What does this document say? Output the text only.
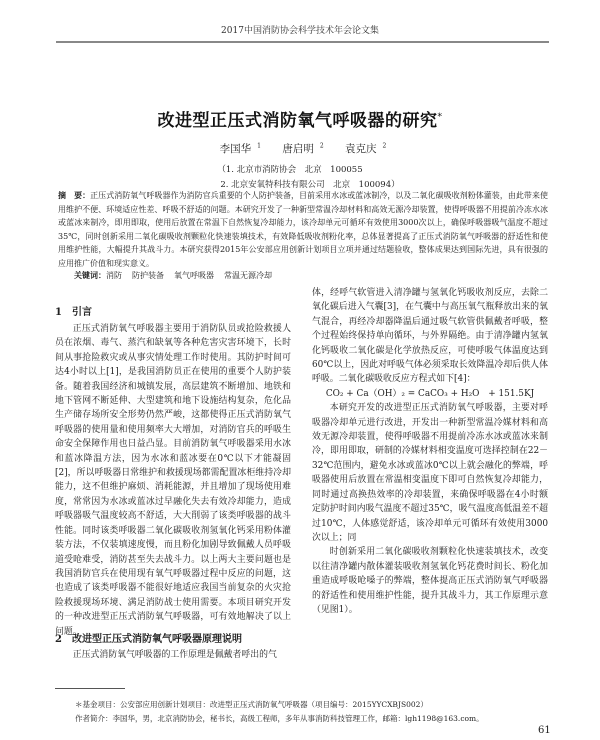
2017中国消防协会科学技术年会论文集
改进型正压式消防氧气呼吸器的研究*
李国华 $^1$ 唐启明 $^2$ 袁克庆 $^2$
（1. 北京市消防协会　北京　100055
2. 北京安氧特科技有限公司　北京　100094）
摘　要：正压式消防氧气呼吸器作为消防官兵重要的个人防护装备，目前采用水冰或蓝冰制冷，以及二氧化碳吸收剂粉体灌装，由此带来使用维护不便、环境适应性差、呼吸不舒适的问题。本研究开发了一种新型常温冷却材料和高效无源冷却装置，使得呼吸器不用提前冷冻水冰或蓝冰来制冷，即用即取，使用后放置在常温下自然恢复冷却能力，该冷却单元可循环有效使用3000次以上，确保呼吸器吸气温度不超过35℃，同时创新采用二氧化碳吸收剂颗粒化快速装填技术，有效降低吸收剂粉化率，总体显著提高了正压式消防氧气呼吸器的舒适性和使用维护性能，大幅提升其战斗力。本研究获得2015年公安部应用创新计划项目立项并通过结题验收，整体成果达到国际先进，具有很强的应用推广价值和现实意义。
关键词：消防 防护装备 氧气呼吸器 常温无源冷却
1　引言

正压式消防氧气呼吸器主要用于消防队员或抢险救援人员在浓烟、毒气、蒸汽和缺氧等各种危害灾害环境下，长时间从事抢险救灾或从事灾情处理工作时使用。其防护时间可达4小时以上[1]，是我国消防员正在使用的重要个人防护装备。随着我国经济和城镇发展，高层建筑不断增加、地铁和地下管网不断延伸、大型建筑和地下设施结构复杂，危化品生产储存场所安全形势仍然严峻，这都使得正压式消防氧气呼吸器的使用量和使用频率大大增加，对消防官兵的呼吸生命安全保障作用也日益凸显。目前消防氧气呼吸器采用水冰和蓝冰降温方法，因为水冰和蓝冰要在0℃以下才能凝固[2]，所以呼吸器日常维护和救援现场都需配置冰柜维持冷却能力，这不但维护麻烦、消耗能源，并且增加了现场使用难度，常常因为水冰或蓝冰过早融化失去有效冷却能力，造成呼吸器吸气温度较高不舒适，大大削弱了该类呼吸器的战斗性能。同时该类呼吸器二氧化碳吸收剂氢氧化钙采用粉体灌装方法，不仅装填速度慢，而且粉化加剧导致佩戴人员呼吸道受呛难受，消防甚至失去战斗力。以上两大主要问题也是我国消防官兵在使用现有氧气呼吸器过程中反应的问题，这也造成了该类呼吸器不能很好地适应我国当前复杂的火灾抢险救援现场环境、满足消防战士使用需要。本项目研究开发的一种改进型正压式消防氧气呼吸器，可有效地解决了以上问题。

2　改进型正压式消防氧气呼吸器原理说明

正压式消防氧气呼吸器的工作原理是佩戴者呼出的气

体，经呼气软管进入清净罐与氢氧化钙吸收剂反应，去除二氧化碳后进入气囊[3]，在气囊中与高压氧气瓶释放出来的氧气混合，再经冷却器降温后通过吸气软管供佩戴者呼吸，整个过程始终保持单向循环，与外界隔绝。由于清净罐内氢氧化钙吸收二氧化碳是化学放热反应，可使呼吸气体温度达到60℃以上，因此对呼吸气体必须采取长效降温冷却后供人体呼吸。二氧化碳吸收反应方程式如下[4]：

CO₂ + Ca（OH）₂ = CaCO₃ + H₂O　+ 151.5KJ

本研究开发的改进型正压式消防氧气呼吸器，主要对呼吸器冷却单元进行改进，开发出一种新型常温冷媒材料和高效无源冷却装置，使得呼吸器不用提前冷冻水冰或蓝冰来制冷，即用即取，研制的冷媒材料相变温度可选择控制在22－32℃范围内，避免水冰或蓝冰0℃以上就会融化的弊端，呼吸器使用后放置在常温相变温度下即可自然恢复冷却能力，同时通过高换热效率的冷却装置，来确保呼吸器在4小时额定防护时间内吸气温度不超过35℃，吸气温度高低温差不超过10℃，人体感觉舒适，该冷却单元可循环有效使用3000次以上；同

时创新采用二氧化碳吸收剂颗粒化快速装填技术，改变以往清净罐内散体灌装吸收剂氢氧化钙花费时间长、粉化加重造成呼吸呛嗓子的弊端，整体提高正压式消防氧气呼吸器的舒适性和使用维护性能，提升其战斗力，其工作原理示意（见图1）。

＊基金项目：公安部应用创新计划项目：改进型正压式消防氧气呼吸器（项目编号：2015YYCXBJS002）
作者简介：李国华，男，北京消防协会，秘书长，高级工程师，多年从事消防科技管理工作，邮箱：lgh1198@163.com。
61
